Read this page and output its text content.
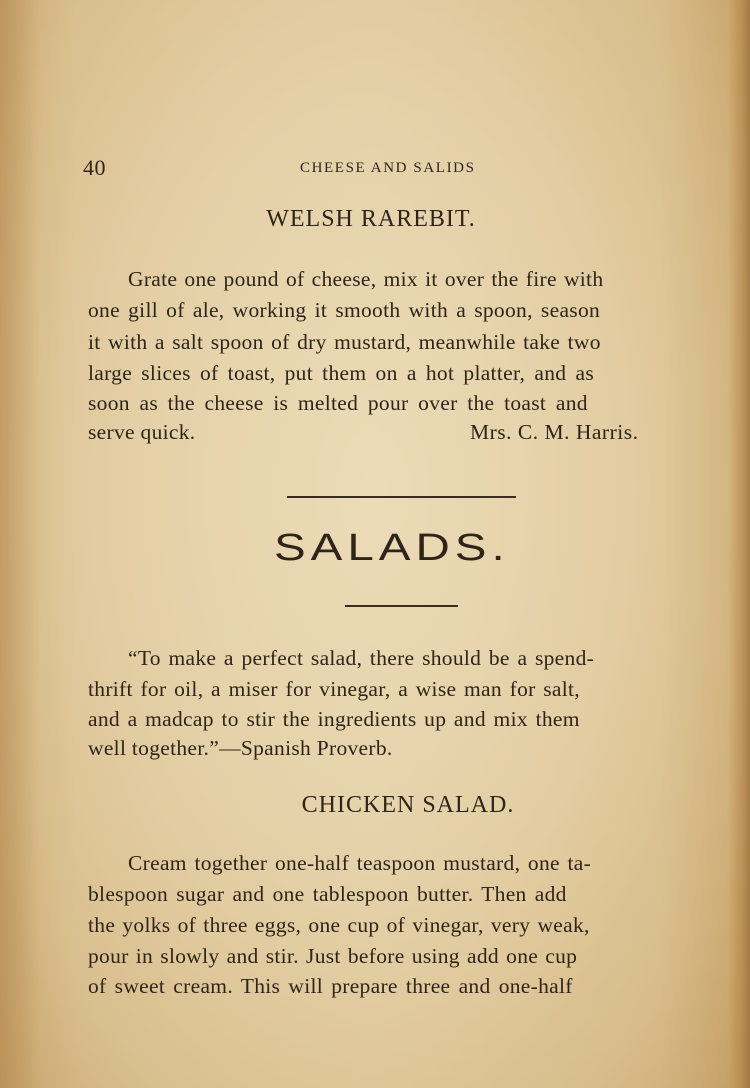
40	CHEESE AND SALIDS
WELSH RAREBIT.
Grate one pound of cheese, mix it over the fire with
one gill of ale, working it smooth with a spoon, season
it with a salt spoon of dry mustard, meanwhile take two
large slices of toast, put them on a hot platter, and as
soon as the cheese is melted pour over the toast and
serve quick.	Mrs. C. M. Harris.
SALADS.
“To make a perfect salad, there should be a spend-
thrift for oil, a miser for vinegar, a wise man for salt,
and a madcap to stir the ingredients up and mix them
well together.”—Spanish Proverb.
CHICKEN SALAD.
Cream together one-half teaspoon mustard, one ta-
blespoon sugar and one tablespoon butter. Then add
the yolks of three eggs, one cup of vinegar, very weak,
pour in slowly and stir. Just before using add one cup
of sweet cream. This will prepare three and one-half
